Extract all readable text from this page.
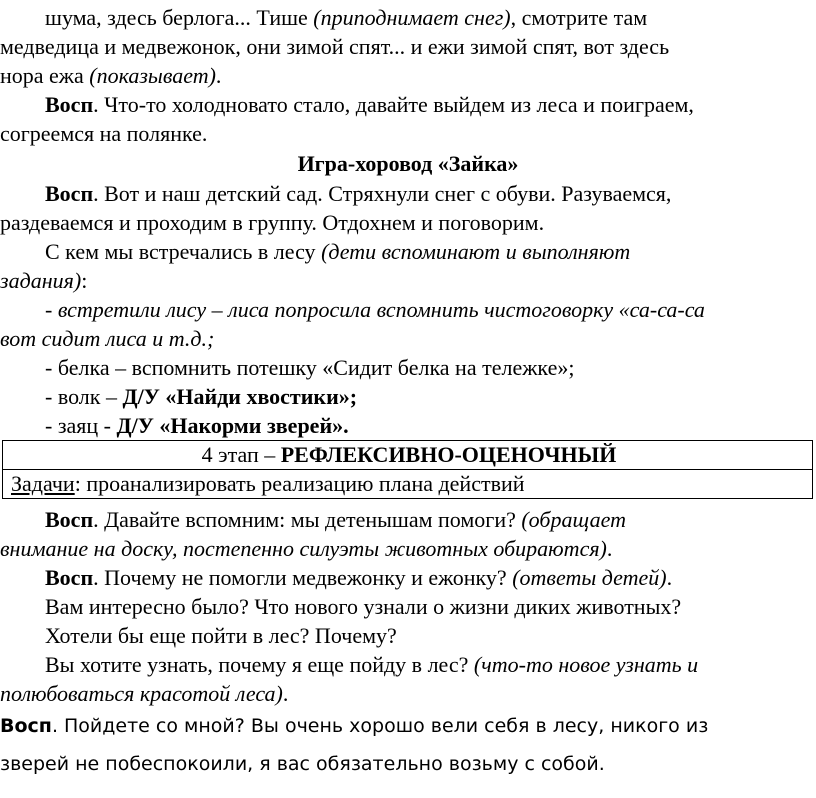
шума, здесь берлога... Тише (приподнимает снег), смотрите там
медведица и медвежонок, они зимой спят... и ежи зимой спят, вот здесь
нора ежа (показывает).
Восп. Что-то холодновато стало, давайте выйдем из леса и поиграем,
согреемся на полянке.
Игра-хоровод «Зайка»
Восп. Вот и наш детский сад. Стряхнули снег с обуви. Разуваемся,
раздеваемся и проходим в группу. Отдохнем и поговорим.
С кем мы встречались в лесу (дети вспоминают и выполняют
задания):
- встретили лису – лиса попросила вспомнить чистоговорку «са-са-са
вот сидит лиса и т.д.;
- белка – вспомнить потешку «Сидит белка на тележке»;
- волк – Д/У «Найди хвостики»;
- заяц - Д/У «Накорми зверей».
4 этап – РЕФЛЕКСИВНО-ОЦЕНОЧНЫЙ
Задачи: проанализировать реализацию плана действий
Восп. Давайте вспомним: мы детенышам помоги? (обращает
внимание на доску, постепенно силуэты животных обираются).
Восп. Почему не помогли медвежонку и ежонку? (ответы детей).
Вам интересно было? Что нового узнали о жизни диких животных?
Хотели бы еще пойти в лес? Почему?
Вы хотите узнать, почему я еще пойду в лес? (что-то новое узнать и
полюбоваться красотой леса).
Восп. Пойдете со мной? Вы очень хорошо вели себя в лесу, никого из
зверей не побеспокоили, я вас обязательно возьму с собой.
